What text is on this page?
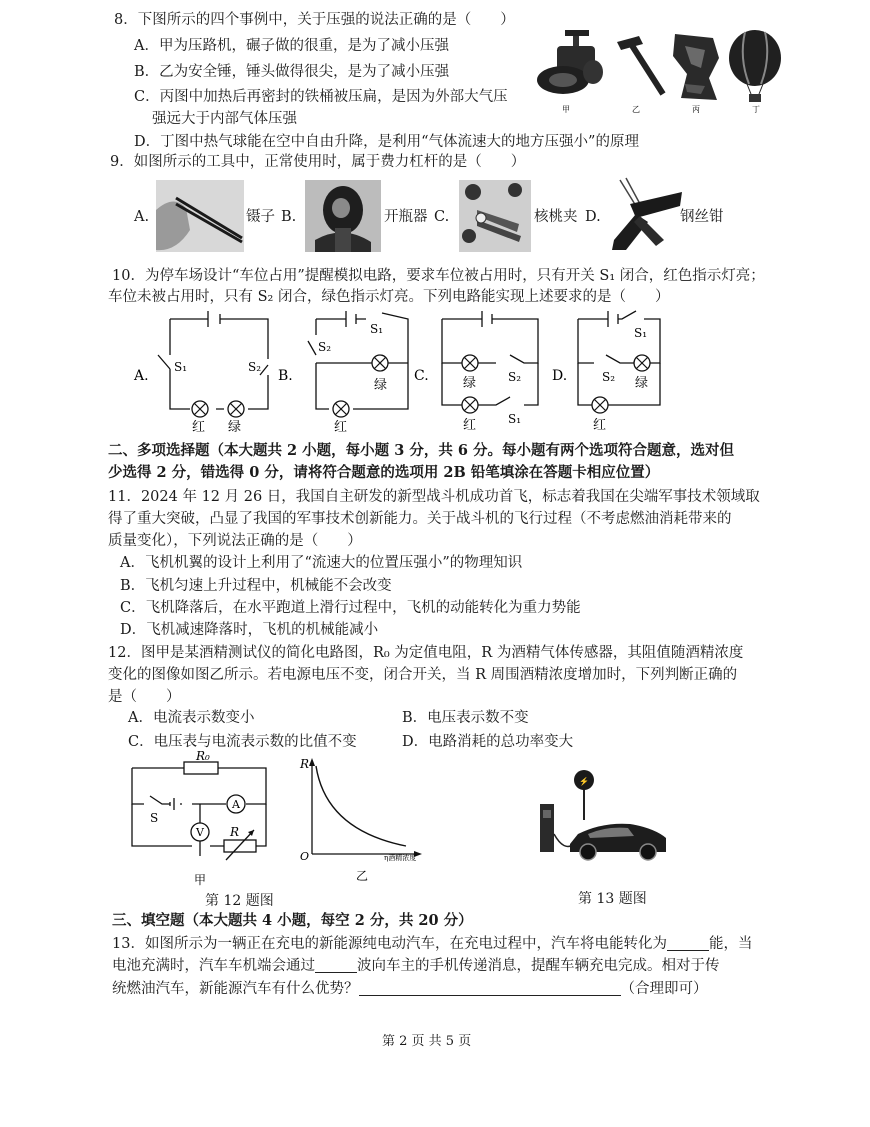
8．下图所示的四个事例中，关于压强的说法正确的是（　　）
A．甲为压路机，碾子做的很重，是为了减小压强
B．乙为安全锤，锤头做得很尖，是为了减小压强
C．丙图中加热后再密封的铁桶被压扁，是因为外部大气压
强远大于内部气体压强
D．丁图中热气球能在空中自由升降，是利用“气体流速大的地方压强小”的原理
甲	乙	丙	丁
9．如图所示的工具中，正常使用时，属于费力杠杆的是（　　）
A.	镊子 B.	开瓶器 C.	核桃夹 D.	钢丝钳
10．为停车场设计“车位占用”提醒模拟电路，要求车位被占用时，只有开关 S₁ 闭合，红色指示灯亮；
车位未被占用时，只有 S₂ 闭合，绿色指示灯亮。下列电路能实现上述要求的是（　　）
A.
S₁	S₂
红 绿
B.
S₂
S₁
绿
红
C.	绿	S₂
红	S₁
D.
S₁
S₂ 绿
红
二、多项选择题（本大题共 2 小题，每小题 3 分，共 6 分。每小题有两个选项符合题意，选对但
少选得 2 分，错选得 0 分，请将符合题意的选项用 2B 铅笔填涂在答题卡相应位置）
11．2024 年 12 月 26 日，我国自主研发的新型战斗机成功首飞，标志着我国在尖端军事技术领域取
得了重大突破，凸显了我国的军事技术创新能力。关于战斗机的飞行过程（不考虑燃油消耗带来的
质量变化），下列说法正确的是（　　）
A．飞机机翼的设计上利用了“流速大的位置压强小”的物理知识
B．飞机匀速上升过程中，机械能不会改变
C．飞机降落后，在水平跑道上滑行过程中，飞机的动能转化为重力势能
D．飞机减速降落时，飞机的机械能减小
12．图甲是某酒精测试仪的简化电路图，R₀ 为定值电阻，R 为酒精气体传感器，其阻值随酒精浓度
变化的图像如图乙所示。若电源电压不变，闭合开关，当 R 周围酒精浓度增加时，下列判断正确的
是（　　）
A．电流表示数变小	B．电压表示数不变
C．电压表与电流表示数的比值不变	D．电路消耗的总功率变大
R₀
A
V
S
R
甲
R
O	η酒精浓度
乙
第 12 题图
⚡
第 13 题图
三、填空题（本大题共 4 小题，每空 2 分，共 20 分）
13．如图所示为一辆正在充电的新能源纯电动汽车，在充电过程中，汽车将电能转化为	能，当
电池充满时，汽车车机端会通过	波向车主的手机传递消息，提醒车辆充电完成。相对于传
统燃油汽车，新能源汽车有什么优势？	（合理即可）
第 2 页 共 5 页
